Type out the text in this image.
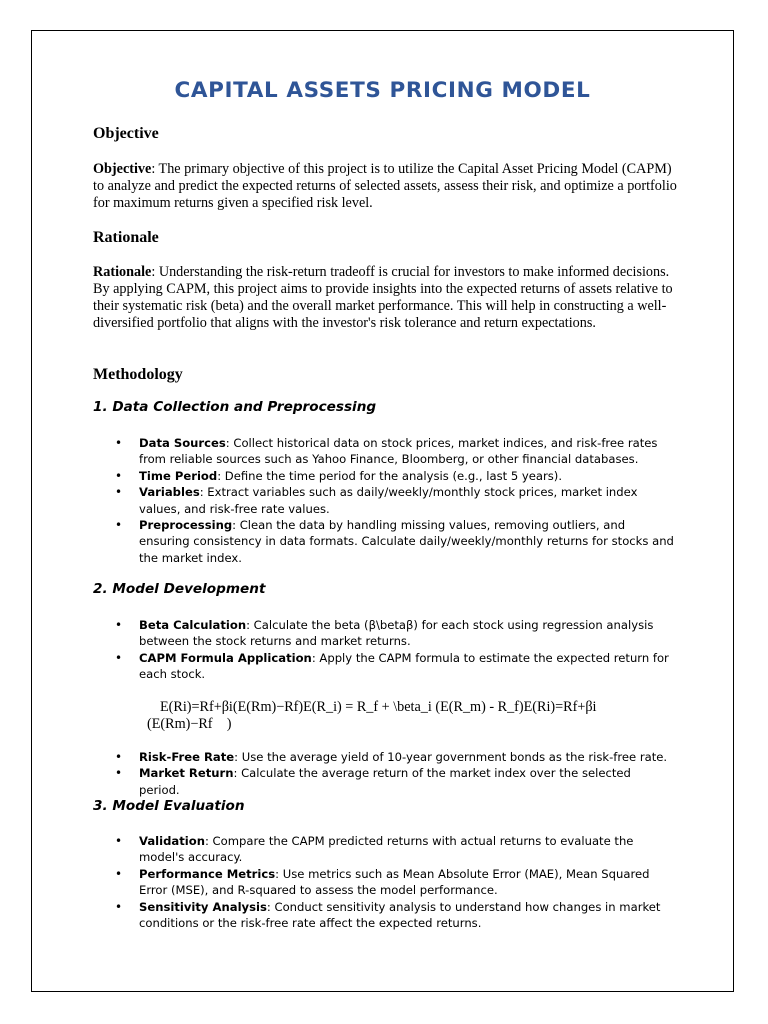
CAPITAL ASSETS PRICING MODEL
Objective

Objective: The primary objective of this project is to utilize the Capital Asset Pricing Model (CAPM) to analyze and predict the expected returns of selected assets, assess their risk, and optimize a portfolio for maximum returns given a specified risk level.

Rationale

Rationale: Understanding the risk-return tradeoff is crucial for investors to make informed decisions. By applying CAPM, this project aims to provide insights into the expected returns of assets relative to their systematic risk (beta) and the overall market performance. This will help in constructing a well-diversified portfolio that aligns with the investor's risk tolerance and return expectations.

Methodology
1. Data Collection and Preprocessing
• Data Sources: Collect historical data on stock prices, market indices, and risk-free rates from reliable sources such as Yahoo Finance, Bloomberg, or other financial databases.
• Time Period: Define the time period for the analysis (e.g., last 5 years).
• Variables: Extract variables such as daily/weekly/monthly stock prices, market index values, and risk-free rate values.
• Preprocessing: Clean the data by handling missing values, removing outliers, and ensuring consistency in data formats. Calculate daily/weekly/monthly returns for stocks and the market index.
2. Model Development
• Beta Calculation: Calculate the beta (β\betaβ) for each stock using regression analysis between the stock returns and market returns.
• CAPM Formula Application: Apply the CAPM formula to estimate the expected return for each stock.

E(Ri)=Rf+βi(E(Rm)−Rf)E(R_i) = R_f + \beta_i (E(R_m) - R_f)E(Ri)=Rf+βi
(E(Rm)−Rf )

• Risk-Free Rate: Use the average yield of 10-year government bonds as the risk-free rate.
• Market Return: Calculate the average return of the market index over the selected period.
3. Model Evaluation
• Validation: Compare the CAPM predicted returns with actual returns to evaluate the model's accuracy.
• Performance Metrics: Use metrics such as Mean Absolute Error (MAE), Mean Squared Error (MSE), and R-squared to assess the model performance.
• Sensitivity Analysis: Conduct sensitivity analysis to understand how changes in market conditions or the risk-free rate affect the expected returns.
